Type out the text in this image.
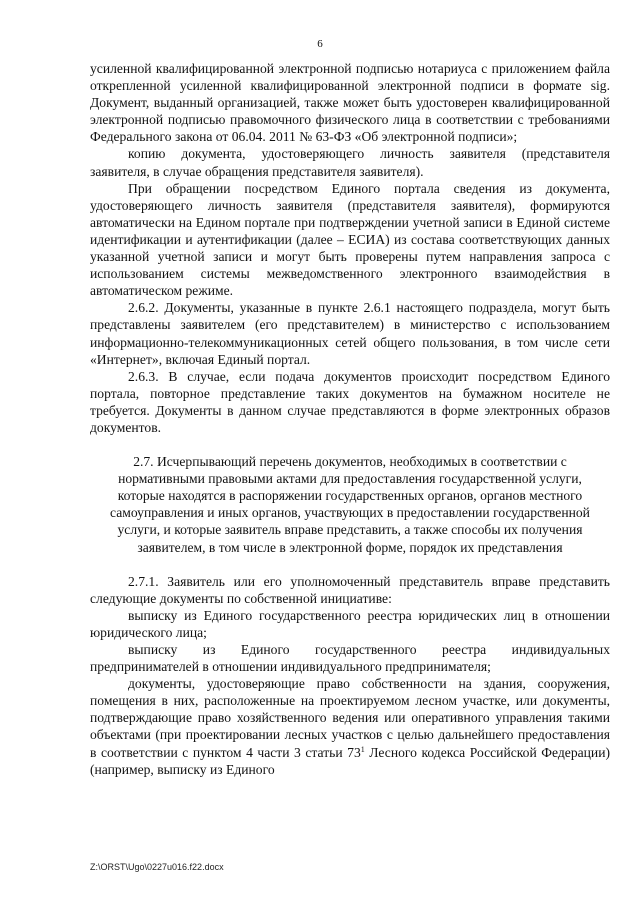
6

усиленной квалифицированной электронной подписью нотариуса с приложением файла открепленной усиленной квалифицированной электронной подписи в формате sig. Документ, выданный организацией, также может быть удостоверен квалифицированной электронной подписью правомочного физического лица в соответствии с требованиями Федерального закона от 06.04. 2011 № 63-ФЗ «Об электронной подписи»;

копию документа, удостоверяющего личность заявителя (представителя заявителя, в случае обращения представителя заявителя).

При обращении посредством Единого портала сведения из документа, удостоверяющего личность заявителя (представителя заявителя), формируются автоматически на Едином портале при подтверждении учетной записи в Единой системе идентификации и аутентификации (далее – ЕСИА) из состава соответствующих данных указанной учетной записи и могут быть проверены путем направления запроса с использованием системы межведомственного электронного взаимодействия в автоматическом режиме.

2.6.2. Документы, указанные в пункте 2.6.1 настоящего подраздела, могут быть представлены заявителем (его представителем) в министерство с использованием информационно-телекоммуникационных сетей общего пользования, в том числе сети «Интернет», включая Единый портал.

2.6.3. В случае, если подача документов происходит посредством Единого портала, повторное представление таких документов на бумажном носителе не требуется. Документы в данном случае представляются в форме электронных образов документов.

2.7. Исчерпывающий перечень документов, необходимых в соответствии с нормативными правовыми актами для предоставления государственной услуги, которые находятся в распоряжении государственных органов, органов местного самоуправления и иных органов, участвующих в предоставлении государственной услуги, и которые заявитель вправе представить, а также способы их получения заявителем, в том числе в электронной форме, порядок их представления

2.7.1. Заявитель или его уполномоченный представитель вправе представить следующие документы по собственной инициативе:

выписку из Единого государственного реестра юридических лиц в отношении юридического лица;

выписку из Единого государственного реестра индивидуальных предпринимателей в отношении индивидуального предпринимателя;

документы, удостоверяющие право собственности на здания, сооружения, помещения в них, расположенные на проектируемом лесном участке, или документы, подтверждающие право хозяйственного ведения или оперативного управления такими объектами (при проектировании лесных участков с целью дальнейшего предоставления в соответствии с пунктом 4 части 3 статьи $73^1$ Лесного кодекса Российской Федерации) (например, выписку из Единого

Z:\ORST\Ugo\0227u016.f22.docx
